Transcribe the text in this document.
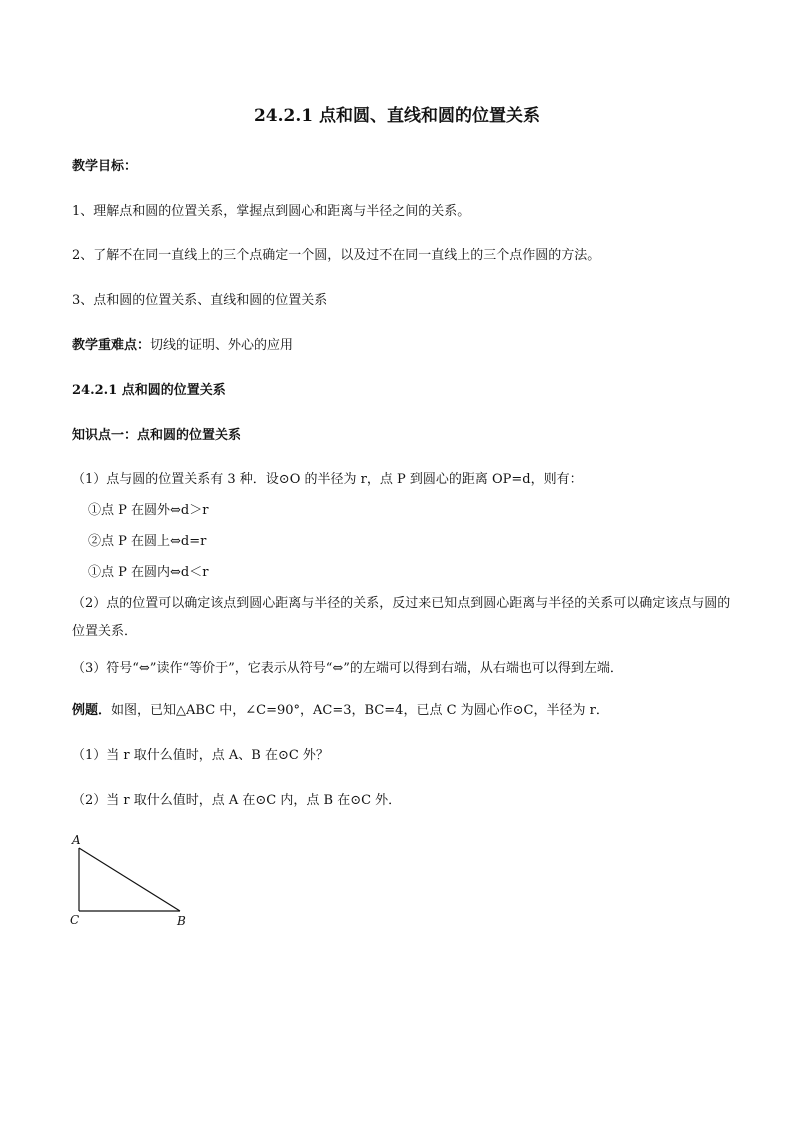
24.2.1 点和圆、直线和圆的位置关系
教学目标：
1、理解点和圆的位置关系，掌握点到圆心和距离与半径之间的关系。
2、了解不在同一直线上的三个点确定一个圆，以及过不在同一直线上的三个点作圆的方法。
3、点和圆的位置关系、直线和圆的位置关系
教学重难点：切线的证明、外心的应用
24.2.1 点和圆的位置关系
知识点一：点和圆的位置关系
（1）点与圆的位置关系有 3 种．设⊙O 的半径为 r，点 P 到圆心的距离 OP=d，则有：
①点 P 在圆外⇔d＞r
②点 P 在圆上⇔d=r
①点 P 在圆内⇔d＜r
（2）点的位置可以确定该点到圆心距离与半径的关系，反过来已知点到圆心距离与半径的关系可以确定该点与圆的位置关系．
（3）符号“⇔”读作“等价于”，它表示从符号“⇔”的左端可以得到右端，从右端也可以得到左端．
例题．如图，已知△ABC 中，∠C=90°，AC=3，BC=4，已点 C 为圆心作⊙C，半径为 r．
（1）当 r 取什么值时，点 A、B 在⊙C 外？
（2）当 r 取什么值时，点 A 在⊙C 内，点 B 在⊙C 外．
A
C	B
